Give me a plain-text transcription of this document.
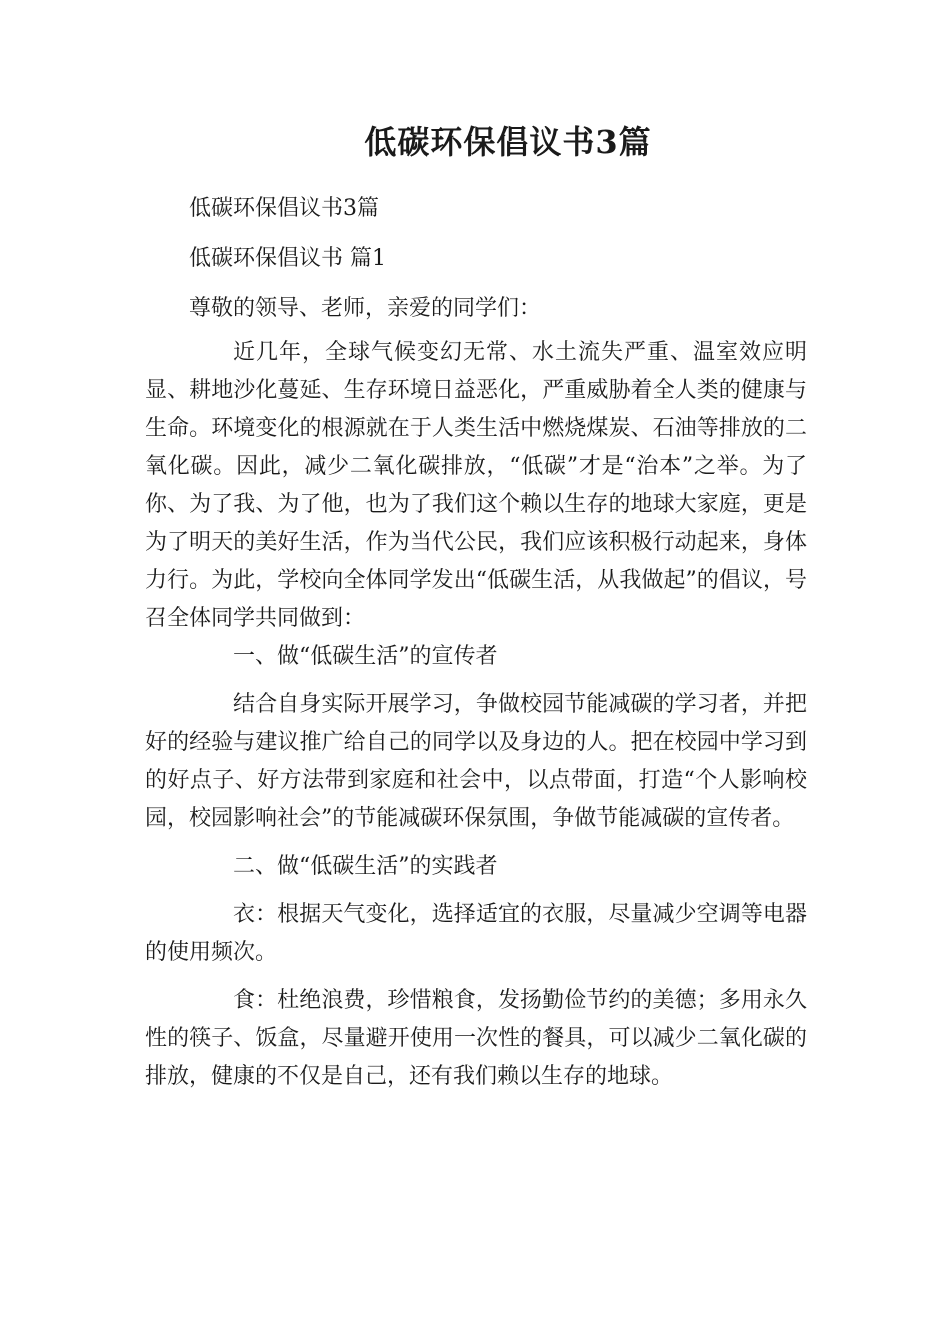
低碳环保倡议书3篇

低碳环保倡议书3篇

低碳环保倡议书 篇1

尊敬的领导、老师，亲爱的同学们：

近几年，全球气候变幻无常、水土流失严重、温室效应明显、耕地沙化蔓延、生存环境日益恶化，严重威胁着全人类的健康与生命。环境变化的根源就在于人类生活中燃烧煤炭、石油等排放的二氧化碳。因此，减少二氧化碳排放，“低碳”才是“治本”之举。为了你、为了我、为了他，也为了我们这个赖以生存的地球大家庭，更是为了明天的美好生活，作为当代公民，我们应该积极行动起来，身体力行。为此，学校向全体同学发出“低碳生活，从我做起”的倡议，号召全体同学共同做到：

一、做“低碳生活”的宣传者

结合自身实际开展学习，争做校园节能减碳的学习者，并把好的经验与建议推广给自己的同学以及身边的人。把在校园中学习到的好点子、好方法带到家庭和社会中，以点带面，打造“个人影响校园，校园影响社会”的节能减碳环保氛围，争做节能减碳的宣传者。

二、做“低碳生活”的实践者

衣：根据天气变化，选择适宜的衣服，尽量减少空调等电器的使用频次。

食：杜绝浪费，珍惜粮食，发扬勤俭节约的美德；多用永久性的筷子、饭盒，尽量避开使用一次性的餐具，可以减少二氧化碳的排放，健康的不仅是自己，还有我们赖以生存的地球。
